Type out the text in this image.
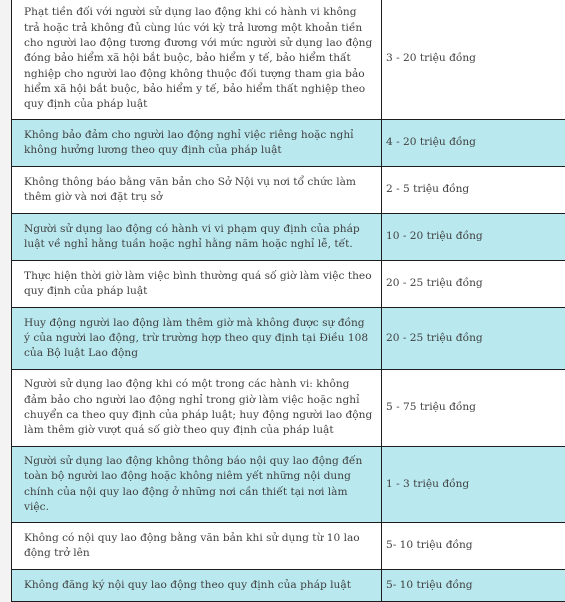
Phạt tiền đối với người sử dụng lao động khi có hành vi không trả hoặc trả không đủ cùng lúc với kỳ trả lương một khoản tiền cho người lao động tương đương với mức người sử dụng lao động đóng bảo hiểm xã hội bắt buộc, bảo hiểm y tế, bảo hiểm thất nghiệp cho người lao động không thuộc đối tượng tham gia bảo hiểm xã hội bắt buộc, bảo hiểm y tế, bảo hiểm thất nghiệp theo quy định của pháp luật	3 - 20 triệu đồng
Không bảo đảm cho người lao động nghỉ việc riêng hoặc nghỉ không hưởng lương theo quy định của pháp luật	4 - 20 triệu đồng
Không thông báo bằng văn bản cho Sở Nội vụ nơi tổ chức làm thêm giờ và nơi đặt trụ sở	2 - 5 triệu đồng
Người sử dụng lao động có hành vi vi phạm quy định của pháp luật về nghỉ hằng tuần hoặc nghỉ hằng năm hoặc nghỉ lễ, tết.	10 - 20 triệu đồng
Thực hiện thời giờ làm việc bình thường quá số giờ làm việc theo quy định của pháp luật	20 - 25 triệu đồng
Huy động người lao động làm thêm giờ mà không được sự đồng ý của người lao động, trừ trường hợp theo quy định tại Điều 108 của Bộ luật Lao động	20 - 25 triệu đồng
Người sử dụng lao động khi có một trong các hành vi: không đảm bảo cho người lao động nghỉ trong giờ làm việc hoặc nghỉ chuyển ca theo quy định của pháp luật; huy động người lao động làm thêm giờ vượt quá số giờ theo quy định của pháp luật	5 - 75 triệu đồng
Người sử dụng lao động không thông báo nội quy lao động đến toàn bộ người lao động hoặc không niêm yết những nội dung chính của nội quy lao động ở những nơi cần thiết tại nơi làm việc.	1 - 3 triệu đồng
Không có nội quy lao động bằng văn bản khi sử dụng từ 10 lao động trở lên	5- 10 triệu đồng
Không đăng ký nội quy lao động theo quy định của pháp luật	5- 10 triệu đồng
